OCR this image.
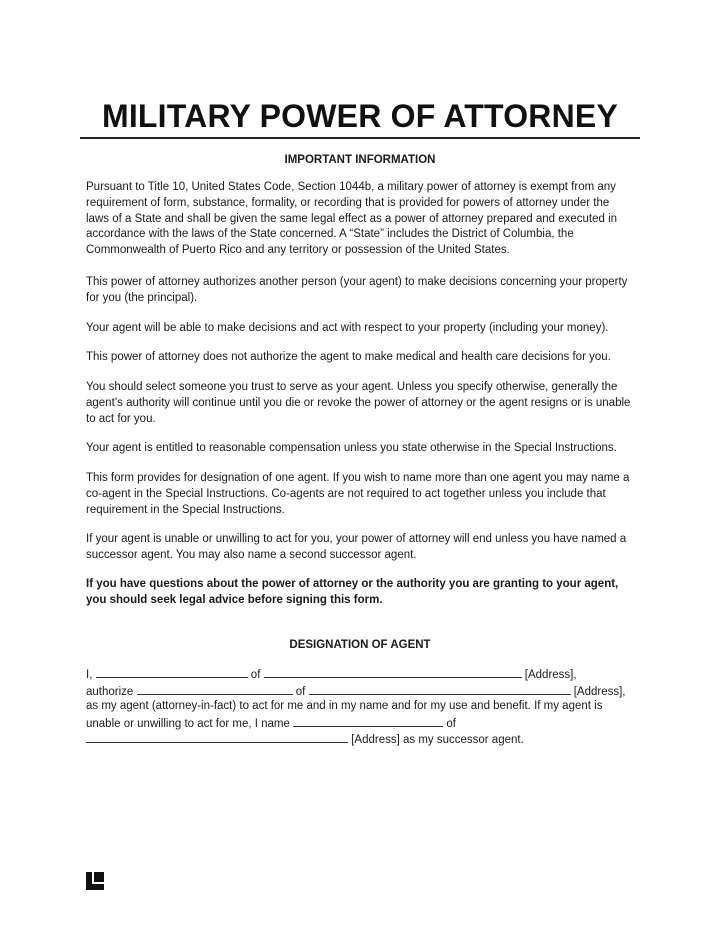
MILITARY POWER OF ATTORNEY
IMPORTANT INFORMATION

Pursuant to Title 10, United States Code, Section 1044b, a military power of attorney is exempt from any requirement of form, substance, formality, or recording that is provided for powers of attorney under the laws of a State and shall be given the same legal effect as a power of attorney prepared and executed in accordance with the laws of the State concerned. A “State” includes the District of Columbia, the Commonwealth of Puerto Rico and any territory or possession of the United States.

This power of attorney authorizes another person (your agent) to make decisions concerning your property for you (the principal).

Your agent will be able to make decisions and act with respect to your property (including your money).

This power of attorney does not authorize the agent to make medical and health care decisions for you.

You should select someone you trust to serve as your agent. Unless you specify otherwise, generally the agent’s authority will continue until you die or revoke the power of attorney or the agent resigns or is unable to act for you.

Your agent is entitled to reasonable compensation unless you state otherwise in the Special Instructions.

This form provides for designation of one agent. If you wish to name more than one agent you may name a co-agent in the Special Instructions. Co-agents are not required to act together unless you include that requirement in the Special Instructions.

If your agent is unable or unwilling to act for you, your power of attorney will end unless you have named a successor agent. You may also name a second successor agent.

If you have questions about the power of attorney or the authority you are granting to your agent, you should seek legal advice before signing this form.

DESIGNATION OF AGENT
I,	of	[Address],
authorize	of	[Address],
as my agent (attorney-in-fact) to act for me and in my name and for my use and benefit. If my agent is
unable or unwilling to act for me, I name	of
[Address] as my successor agent.
